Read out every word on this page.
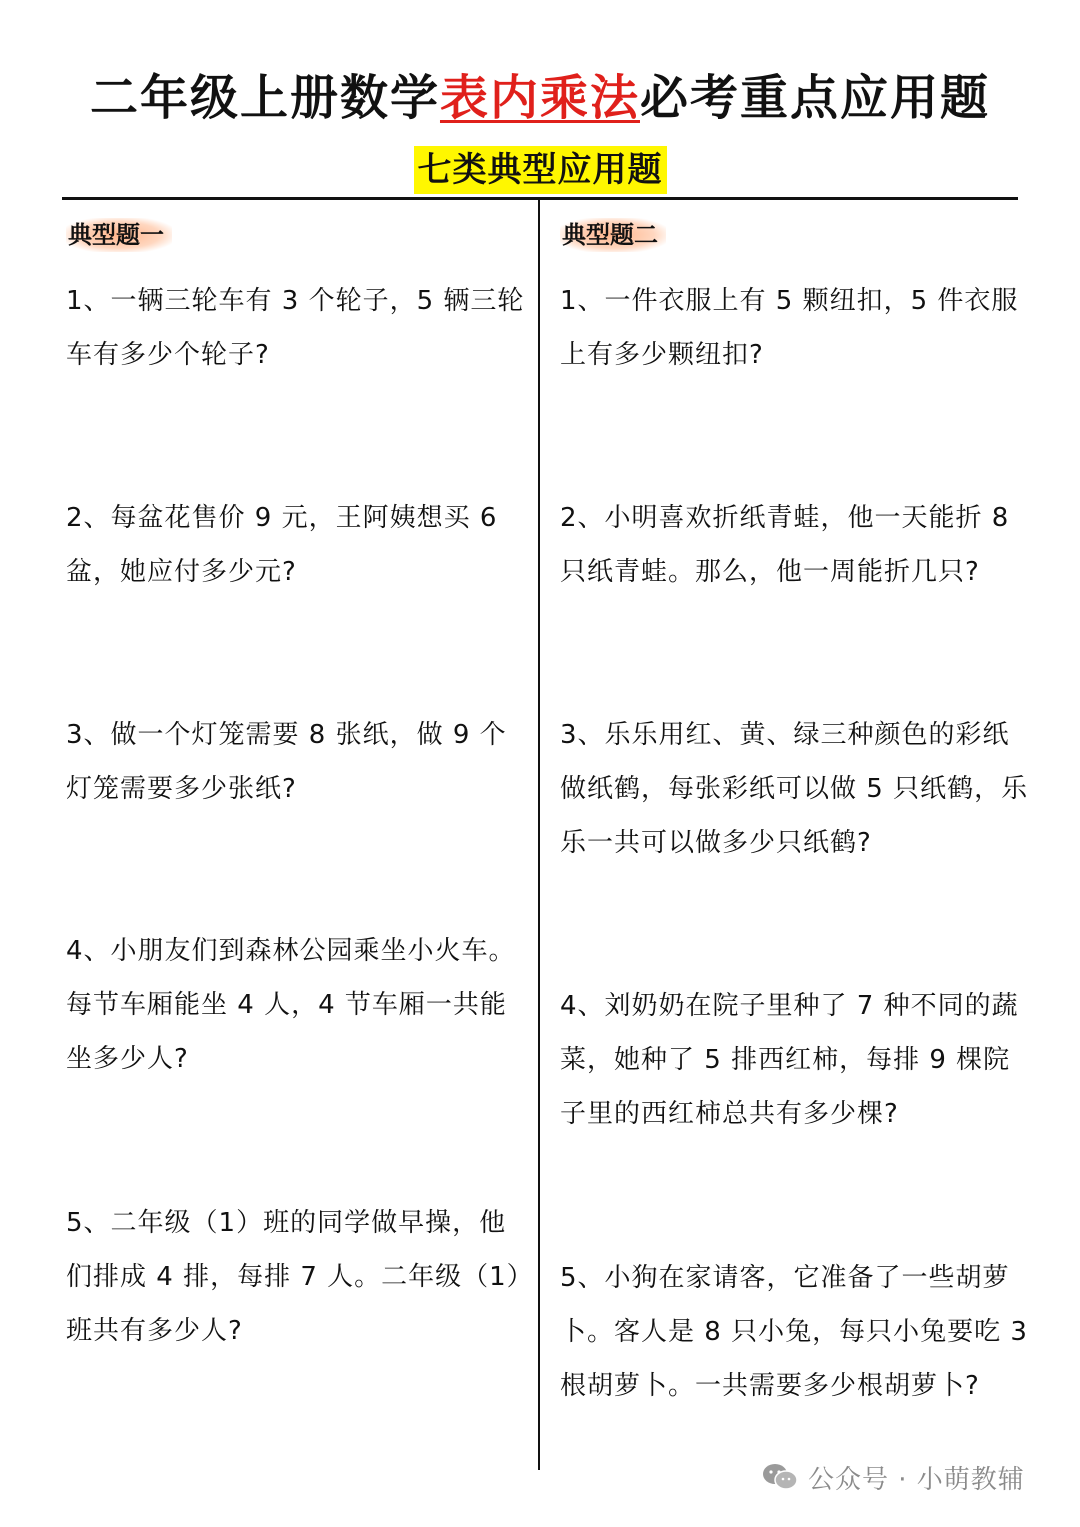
二年级上册数学表内乘法必考重点应用题
七类典型应用题
典型题一
1、一辆三轮车有 3 个轮子，5 辆三轮车有多少个轮子?
2、每盆花售价 9 元，王阿姨想买 6 盆，她应付多少元?
3、做一个灯笼需要 8 张纸，做 9 个灯笼需要多少张纸?
4、小朋友们到森林公园乘坐小火车。每节车厢能坐 4 人，4 节车厢一共能坐多少人?
5、二年级（1）班的同学做早操，他们排成 4 排，每排 7 人。二年级（1）班共有多少人?
典型题二
1、一件衣服上有 5 颗纽扣，5 件衣服上有多少颗纽扣?
2、小明喜欢折纸青蛙，他一天能折 8 只纸青蛙。那么，他一周能折几只?
3、乐乐用红、黄、绿三种颜色的彩纸做纸鹤，每张彩纸可以做 5 只纸鹤，乐乐一共可以做多少只纸鹤?
4、刘奶奶在院子里种了 7 种不同的蔬菜，她种了 5 排西红柿，每排 9 棵院子里的西红柿总共有多少棵?
5、小狗在家请客，它准备了一些胡萝卜。客人是 8 只小兔，每只小兔要吃 3 根胡萝卜。一共需要多少根胡萝卜?
公众号 · 小萌教辅
